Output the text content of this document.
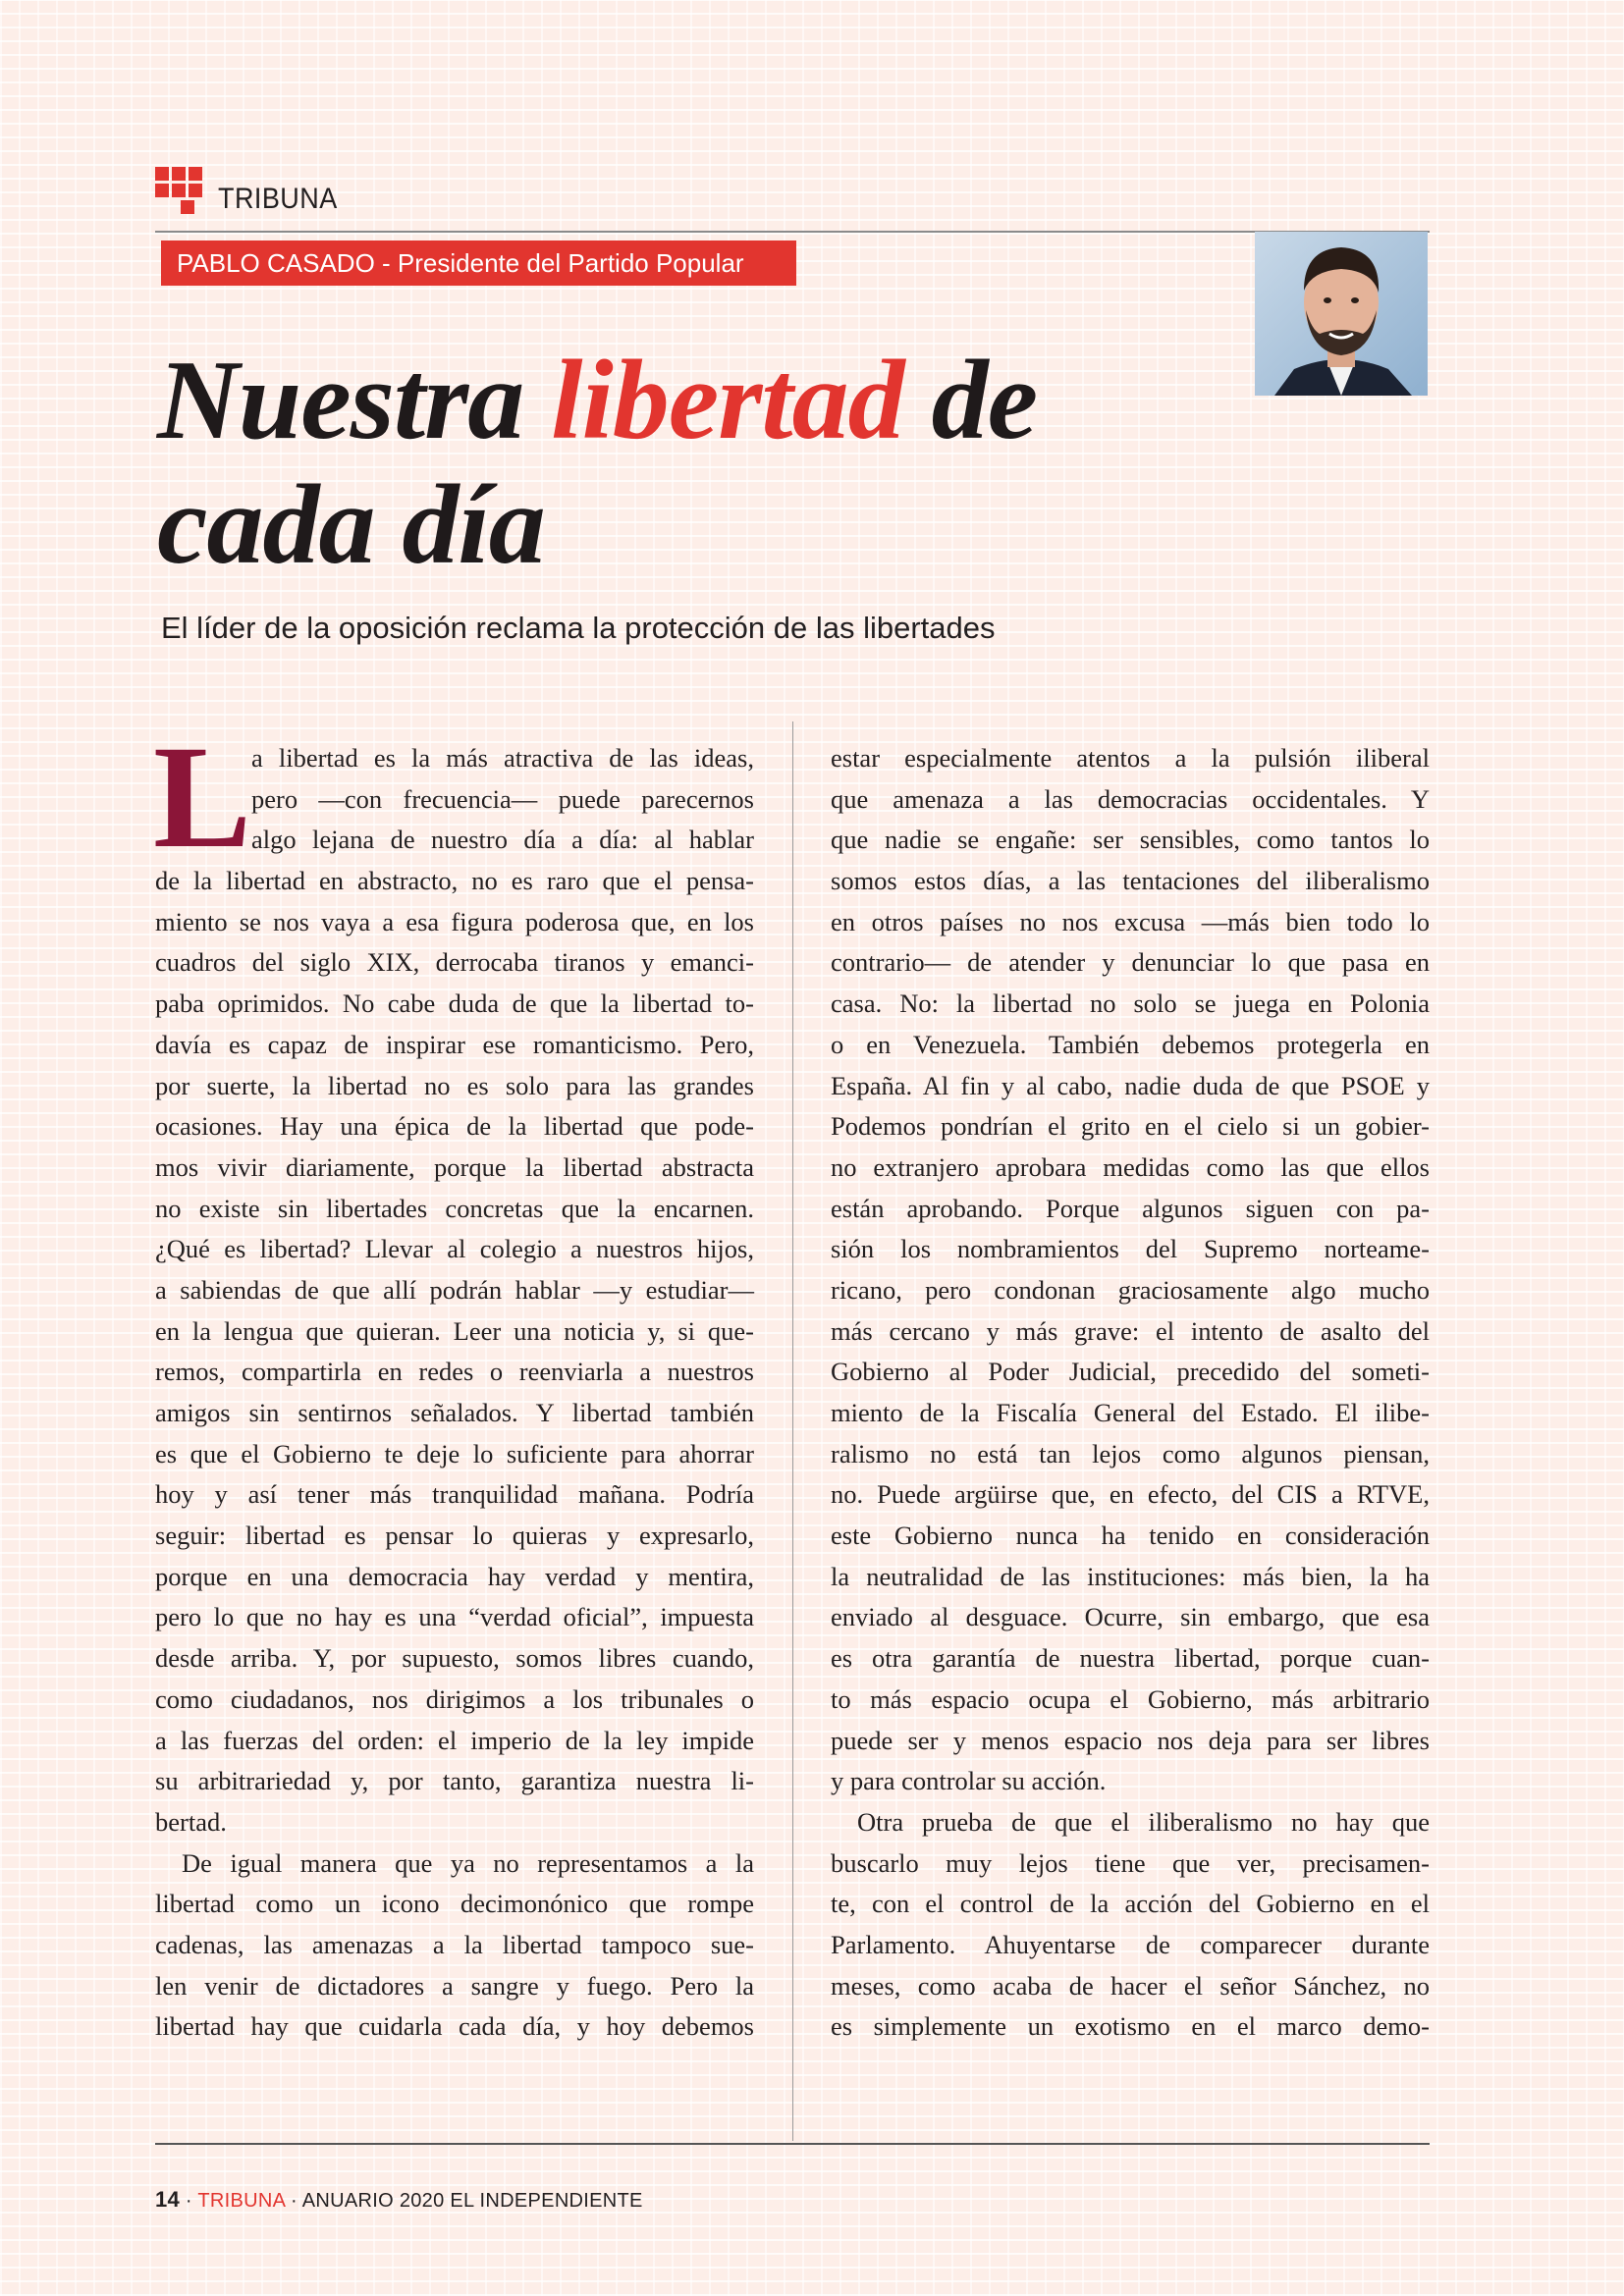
TRIBUNA
PABLO CASADO - Presidente del Partido Popular
Nuestra libertad de
cada día
El líder de la oposición reclama la protección de las libertades
L a libertad es la más atractiva de las ideas,
pero —con frecuencia— puede parecernos
algo lejana de nuestro día a día: al hablar
de la libertad en abstracto, no es raro que el pensa-
miento se nos vaya a esa figura poderosa que, en los
cuadros del siglo XIX, derrocaba tiranos y emanci-
paba oprimidos. No cabe duda de que la libertad to-
davía es capaz de inspirar ese romanticismo. Pero,
por suerte, la libertad no es solo para las grandes
ocasiones. Hay una épica de la libertad que pode-
mos vivir diariamente, porque la libertad abstracta
no existe sin libertades concretas que la encarnen.
¿Qué es libertad? Llevar al colegio a nuestros hijos,
a sabiendas de que allí podrán hablar —y estudiar—
en la lengua que quieran. Leer una noticia y, si que-
remos, compartirla en redes o reenviarla a nuestros
amigos sin sentirnos señalados. Y libertad también
es que el Gobierno te deje lo suficiente para ahorrar
hoy y así tener más tranquilidad mañana. Podría
seguir: libertad es pensar lo quieras y expresarlo,
porque en una democracia hay verdad y mentira,
pero lo que no hay es una “verdad oficial”, impuesta
desde arriba. Y, por supuesto, somos libres cuando,
como ciudadanos, nos dirigimos a los tribunales o
a las fuerzas del orden: el imperio de la ley impide
su arbitrariedad y, por tanto, garantiza nuestra li-
bertad.
De igual manera que ya no representamos a la
libertad como un icono decimonónico que rompe
cadenas, las amenazas a la libertad tampoco sue-
len venir de dictadores a sangre y fuego. Pero la
libertad hay que cuidarla cada día, y hoy debemos
estar especialmente atentos a la pulsión iliberal
que amenaza a las democracias occidentales. Y
que nadie se engañe: ser sensibles, como tantos lo
somos estos días, a las tentaciones del iliberalismo
en otros países no nos excusa —más bien todo lo
contrario— de atender y denunciar lo que pasa en
casa. No: la libertad no solo se juega en Polonia
o en Venezuela. También debemos protegerla en
España. Al fin y al cabo, nadie duda de que PSOE y
Podemos pondrían el grito en el cielo si un gobier-
no extranjero aprobara medidas como las que ellos
están aprobando. Porque algunos siguen con pa-
sión los nombramientos del Supremo norteame-
ricano, pero condonan graciosamente algo mucho
más cercano y más grave: el intento de asalto del
Gobierno al Poder Judicial, precedido del someti-
miento de la Fiscalía General del Estado. El ilibe-
ralismo no está tan lejos como algunos piensan,
no. Puede argüirse que, en efecto, del CIS a RTVE,
este Gobierno nunca ha tenido en consideración
la neutralidad de las instituciones: más bien, la ha
enviado al desguace. Ocurre, sin embargo, que esa
es otra garantía de nuestra libertad, porque cuan-
to más espacio ocupa el Gobierno, más arbitrario
puede ser y menos espacio nos deja para ser libres
y para controlar su acción.
Otra prueba de que el iliberalismo no hay que
buscarlo muy lejos tiene que ver, precisamen-
te, con el control de la acción del Gobierno en el
Parlamento. Ahuyentarse de comparecer durante
meses, como acaba de hacer el señor Sánchez, no
es simplemente un exotismo en el marco demo-
14 · TRIBUNA · ANUARIO 2020 EL INDEPENDIENTE
